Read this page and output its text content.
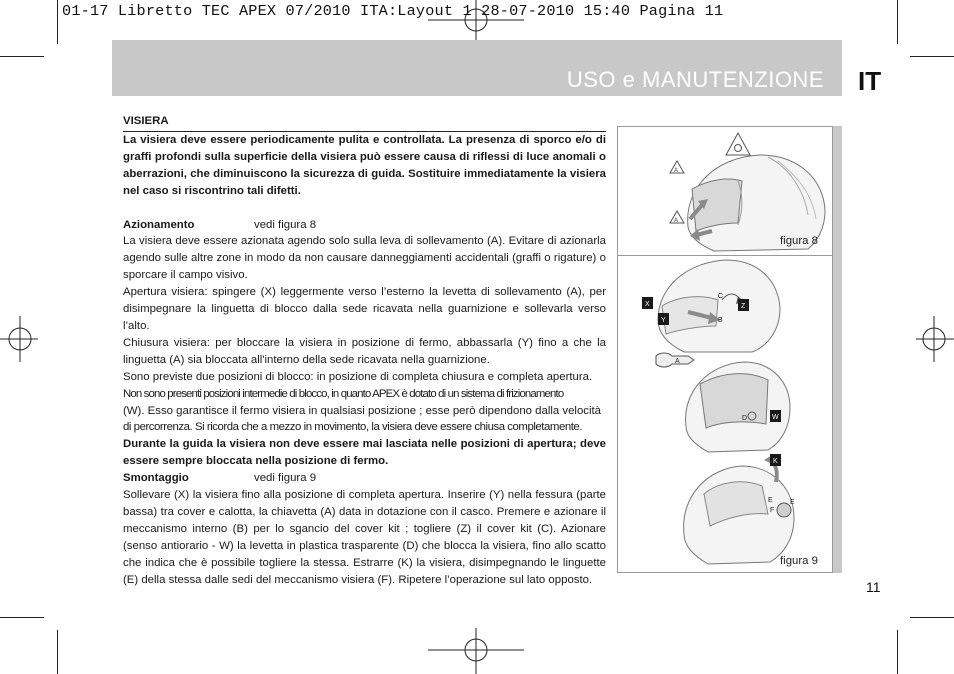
01-17 Libretto TEC APEX 07/2010 ITA:Layout 1 28-07-2010 15:40 Pagina 11
USO e MANUTENZIONE IT
VISIERA

La visiera deve essere periodicamente pulita e controllata. La presenza di sporco e/o di graffi profondi sulla superficie della visiera può essere causa di riflessi di luce anomali o aberrazioni, che diminuiscono la sicurezza di guida. Sostituire immediatamente la visiera nel caso si riscontrino tali difetti.

Azionamento	vedi figura 8

La visiera deve essere azionata agendo solo sulla leva di sollevamento (A). Evitare di azionarla agendo sulle altre zone in modo da non causare danneggiamenti accidentali (graffi o rigature) o sporcare il campo visivo.

Apertura visiera: spingere (X) leggermente verso l’esterno la levetta di sollevamento (A), per disimpegnare la linguetta di blocco dalla sede ricavata nella guarnizione e sollevarla verso l’alto.

Chiusura visiera: per bloccare la visiera in posizione di fermo, abbassarla (Y) fino a che la linguetta (A) sia bloccata all'interno della sede ricavata nella guarnizione.

Sono previste due posizioni di blocco: in posizione di completa chiusura e completa apertura.

Non sono presenti posizioni intermedie di blocco, in quanto APEX è dotato di un sistema di frizionamento

(W). Esso garantisce il fermo visiera in qualsiasi posizione ; esse però dipendono dalla velocità

di percorrenza. Si ricorda che a mezzo in movimento, la visiera deve essere chiusa completamente.

Durante la guida la visiera non deve essere mai lasciata nelle posizioni di apertura; deve essere sempre bloccata nella posizione di fermo.

Smontaggio	vedi figura 9

Sollevare (X) la visiera fino alla posizione di completa apertura. Inserire (Y) nella fessura (parte bassa) tra cover e calotta, la chiavetta (A) data in dotazione con il casco. Premere e azionare il meccanismo interno (B) per lo sgancio del cover kit ; togliere (Z) il cover kit (C). Azionare (senso antiorario - W) la levetta in plastica trasparente (D) che blocca la visiera, fino allo scatto che indica che è possibile togliere la stessa. Estrarre (K) la visiera, disimpegnando le linguette (E) della stessa dalle sedi del meccanismo visiera (F). Ripetere l’operazione sul lato opposto.

A
A
figura 8
C
B
X
Y
Z
A
D	W
K
E E
F
figura 9
11
